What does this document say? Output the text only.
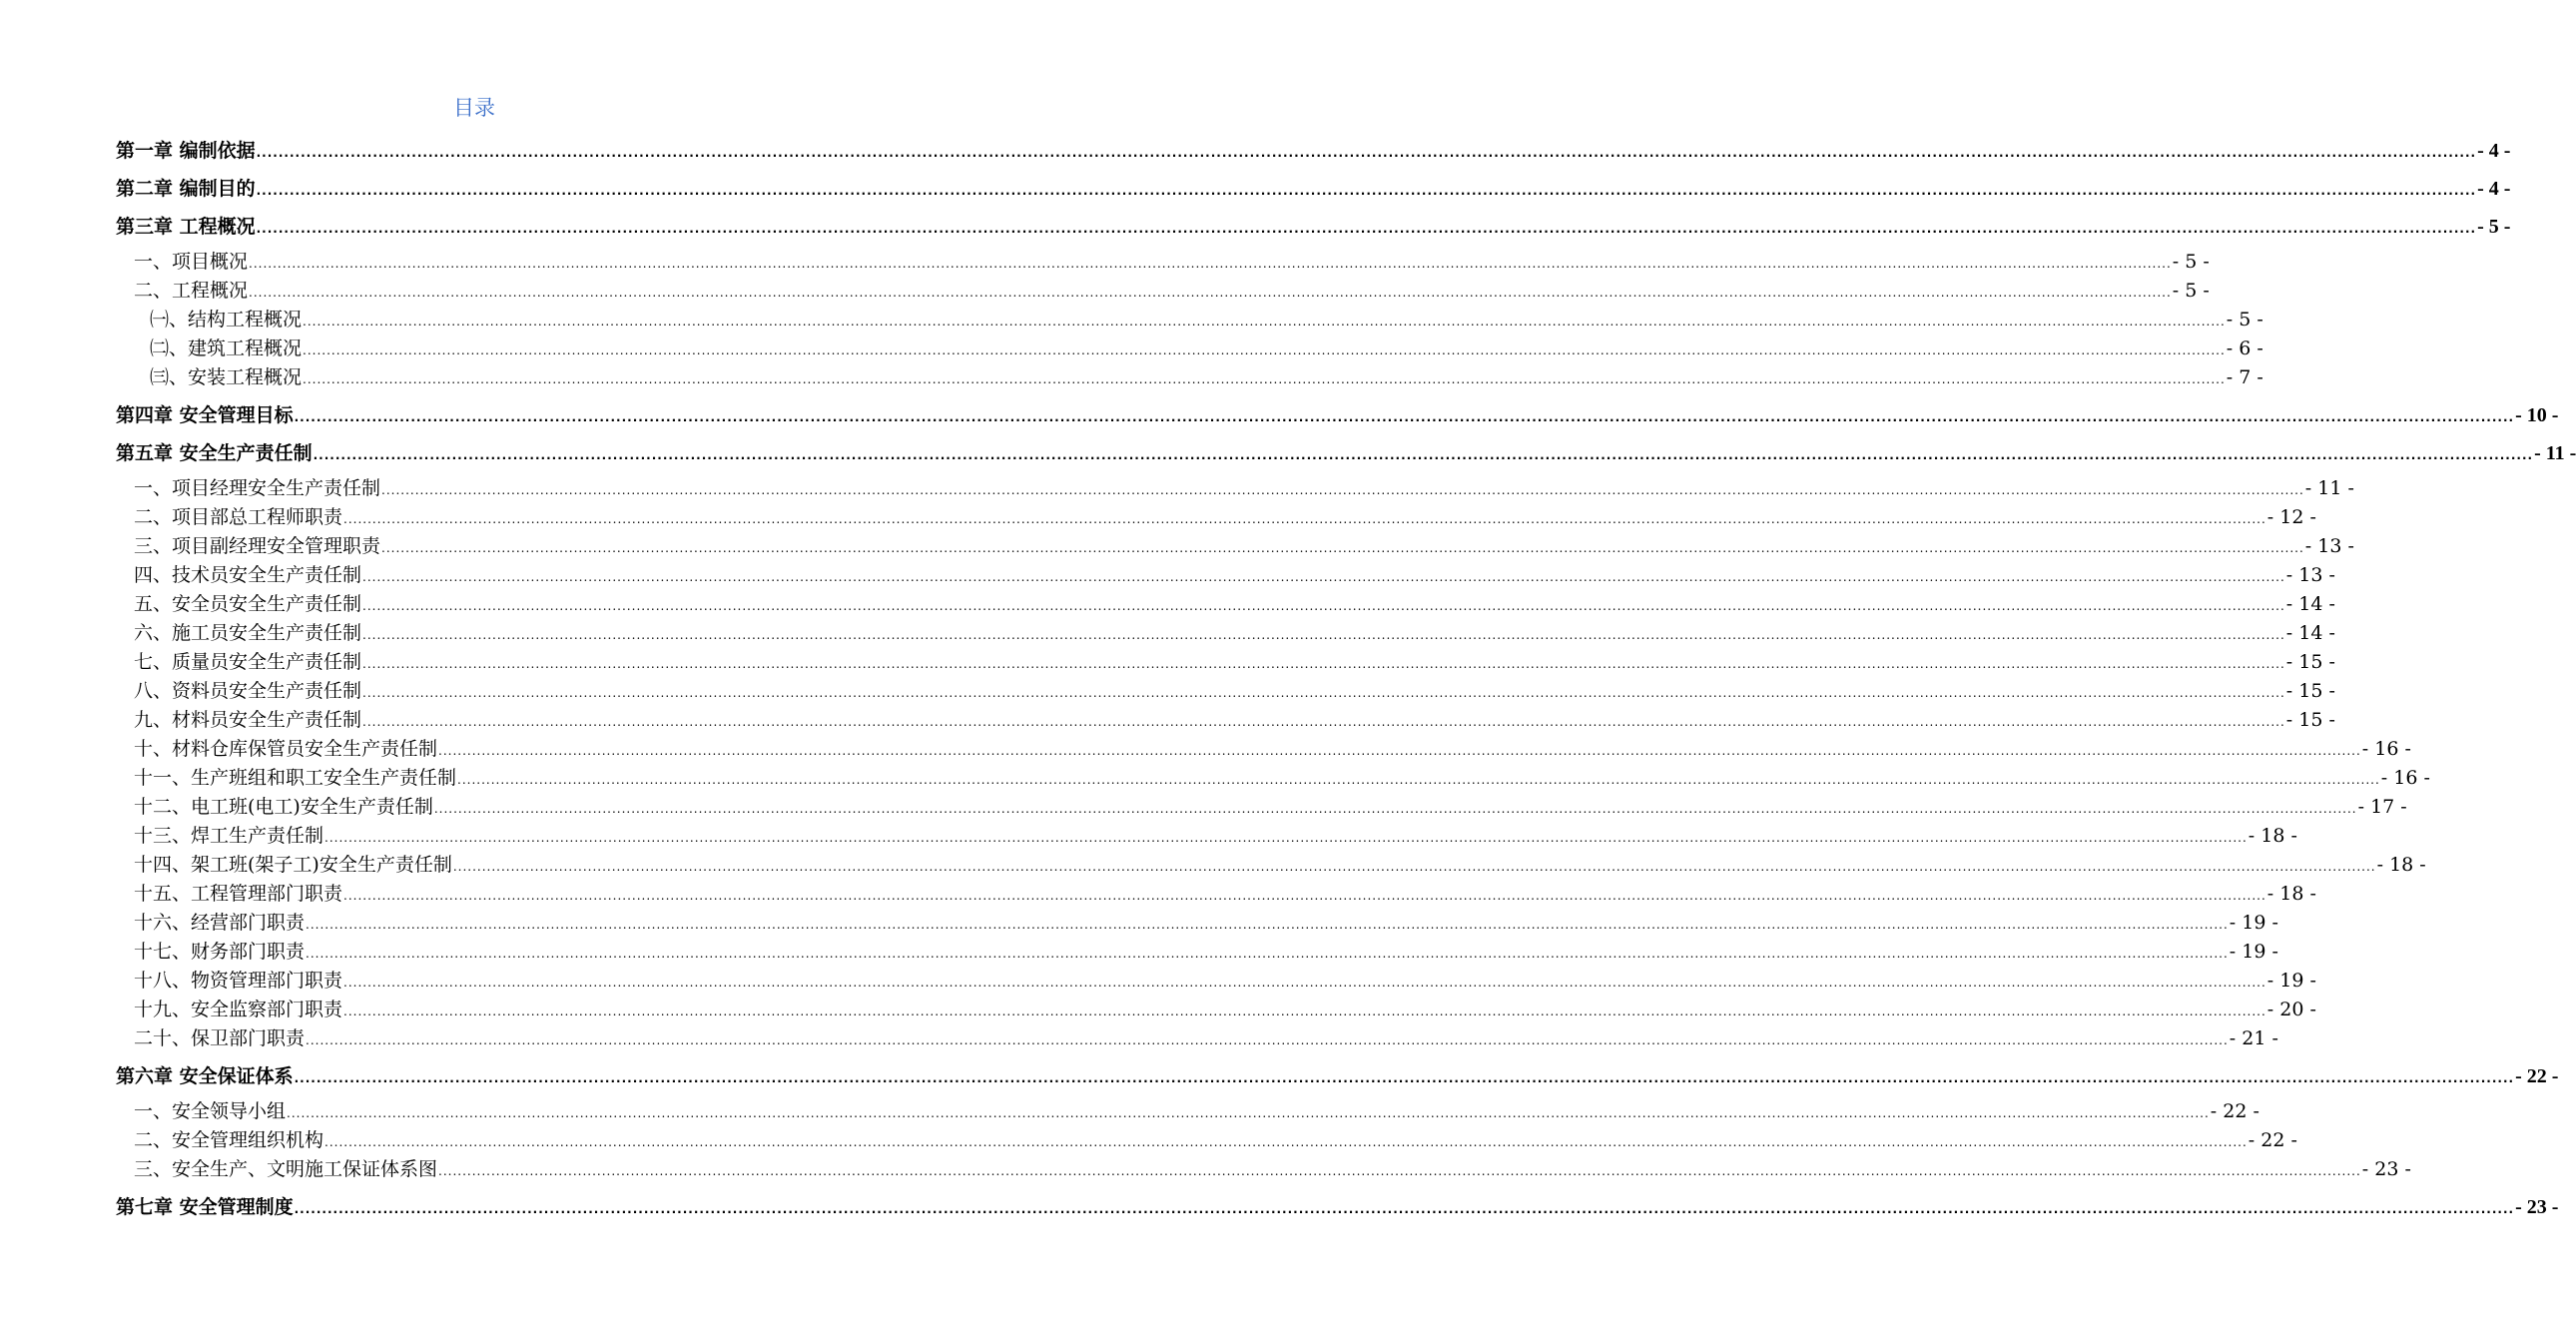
目录
第一章 编制依据 ................................................................................................................................................................................................................................................................................................................................................................................................................ - 4 -
第二章 编制目的 ................................................................................................................................................................................................................................................................................................................................................................................................................ - 4 -
第三章 工程概况 ................................................................................................................................................................................................................................................................................................................................................................................................................ - 5 -
一、项目概况 ................................................................................................................................................................................................................................................................................................................................................................................................................ - 5 -
二、工程概况 ................................................................................................................................................................................................................................................................................................................................................................................................................ - 5 -
㈠、结构工程概况 ................................................................................................................................................................................................................................................................................................................................................................................................................ - 5 -
㈡、建筑工程概况 ................................................................................................................................................................................................................................................................................................................................................................................................................ - 6 -
㈢、安装工程概况 ................................................................................................................................................................................................................................................................................................................................................................................................................ - 7 -
第四章 安全管理目标 ................................................................................................................................................................................................................................................................................................................................................................................................................ - 10 -
第五章 安全生产责任制 ................................................................................................................................................................................................................................................................................................................................................................................................................ - 11 -
一、项目经理安全生产责任制 ................................................................................................................................................................................................................................................................................................................................................................................................................ - 11 -
二、项目部总工程师职责 ................................................................................................................................................................................................................................................................................................................................................................................................................ - 12 -
三、项目副经理安全管理职责 ................................................................................................................................................................................................................................................................................................................................................................................................................ - 13 -
四、技术员安全生产责任制 ................................................................................................................................................................................................................................................................................................................................................................................................................ - 13 -
五、安全员安全生产责任制 ................................................................................................................................................................................................................................................................................................................................................................................................................ - 14 -
六、施工员安全生产责任制 ................................................................................................................................................................................................................................................................................................................................................................................................................ - 14 -
七、质量员安全生产责任制 ................................................................................................................................................................................................................................................................................................................................................................................................................ - 15 -
八、资料员安全生产责任制 ................................................................................................................................................................................................................................................................................................................................................................................................................ - 15 -
九、材料员安全生产责任制 ................................................................................................................................................................................................................................................................................................................................................................................................................ - 15 -
十、材料仓库保管员安全生产责任制 ................................................................................................................................................................................................................................................................................................................................................................................................................ - 16 -
十一、生产班组和职工安全生产责任制 ................................................................................................................................................................................................................................................................................................................................................................................................................ - 16 -
十二、电工班(电工)安全生产责任制 ................................................................................................................................................................................................................................................................................................................................................................................................................ - 17 -
十三、焊工生产责任制 ................................................................................................................................................................................................................................................................................................................................................................................................................ - 18 -
十四、架工班(架子工)安全生产责任制 ................................................................................................................................................................................................................................................................................................................................................................................................................ - 18 -
十五、工程管理部门职责 ................................................................................................................................................................................................................................................................................................................................................................................................................ - 18 -
十六、经营部门职责 ................................................................................................................................................................................................................................................................................................................................................................................................................ - 19 -
十七、财务部门职责 ................................................................................................................................................................................................................................................................................................................................................................................................................ - 19 -
十八、物资管理部门职责 ................................................................................................................................................................................................................................................................................................................................................................................................................ - 19 -
十九、安全监察部门职责 ................................................................................................................................................................................................................................................................................................................................................................................................................ - 20 -
二十、保卫部门职责 ................................................................................................................................................................................................................................................................................................................................................................................................................ - 21 -
第六章 安全保证体系 ................................................................................................................................................................................................................................................................................................................................................................................................................ - 22 -
一、安全领导小组 ................................................................................................................................................................................................................................................................................................................................................................................................................ - 22 -
二、安全管理组织机构 ................................................................................................................................................................................................................................................................................................................................................................................................................ - 22 -
三、安全生产、文明施工保证体系图 ................................................................................................................................................................................................................................................................................................................................................................................................................ - 23 -
第七章 安全管理制度 ................................................................................................................................................................................................................................................................................................................................................................................................................ - 23 -
